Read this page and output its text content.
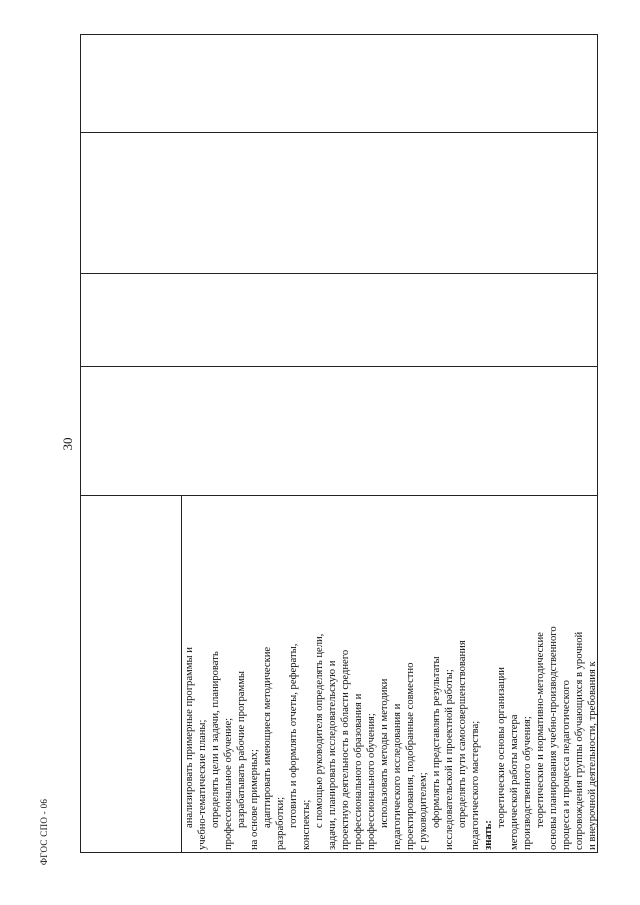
30
анализировать примерные программы и учебно-тематические планы; определять цели и задачи, планировать профессиональное обучение; разрабатывать рабочие программы на основе примерных; адаптировать имеющиеся методические разработки; готовить и оформлять отчеты, рефераты, конспекты; с помощью руководителя определять цели, задачи, планировать исследовательскую и проектную деятельность в области среднего профессионального образования и профессионального обучения; использовать методы и методики педагогического исследования и проектирования, подобранные совместно с руководителем; оформлять и представлять результаты исследовательской и проектной работы; определять пути самосовершенствования педагогического мастерства; знать:
теоретические основы организации методической работы мастера производственного обучения; теоретические и нормативно-методические основы планирования учебно-производственного процесса и процесса педагогического сопровождения группы обучающихся в урочной и внеурочной деятельности, требования к
ФГОС СПО - 06
